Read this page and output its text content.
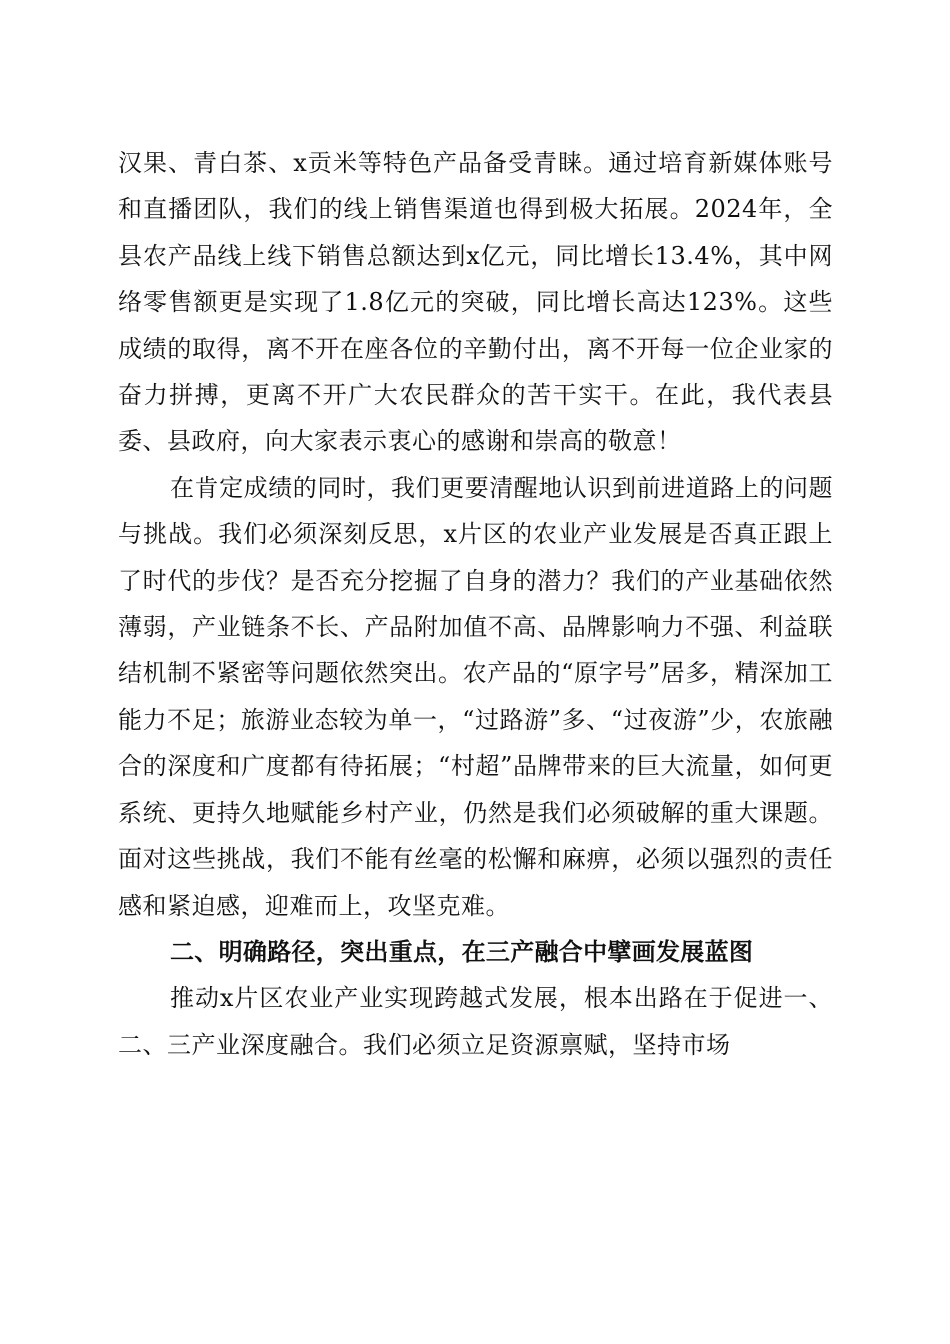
汉果、青白茶、x贡米等特色产品备受青睐。通过培育新媒体账号和直播团队，我们的线上销售渠道也得到极大拓展。2024年，全县农产品线上线下销售总额达到x亿元，同比增长13.4%，其中网络零售额更是实现了1.8亿元的突破，同比增长高达123%。这些成绩的取得，离不开在座各位的辛勤付出，离不开每一位企业家的奋力拼搏，更离不开广大农民群众的苦干实干。在此，我代表县委、县政府，向大家表示衷心的感谢和崇高的敬意！

在肯定成绩的同时，我们更要清醒地认识到前进道路上的问题与挑战。我们必须深刻反思，x片区的农业产业发展是否真正跟上了时代的步伐？是否充分挖掘了自身的潜力？我们的产业基础依然薄弱，产业链条不长、产品附加值不高、品牌影响力不强、利益联结机制不紧密等问题依然突出。农产品的“原字号”居多，精深加工能力不足；旅游业态较为单一，“过路游”多、“过夜游”少，农旅融合的深度和广度都有待拓展；“村超”品牌带来的巨大流量，如何更系统、更持久地赋能乡村产业，仍然是我们必须破解的重大课题。面对这些挑战，我们不能有丝毫的松懈和麻痹，必须以强烈的责任感和紧迫感，迎难而上，攻坚克难。

二、明确路径，突出重点，在三产融合中擘画发展蓝图

推动x片区农业产业实现跨越式发展，根本出路在于促进一、二、三产业深度融合。我们必须立足资源禀赋，坚持市场
